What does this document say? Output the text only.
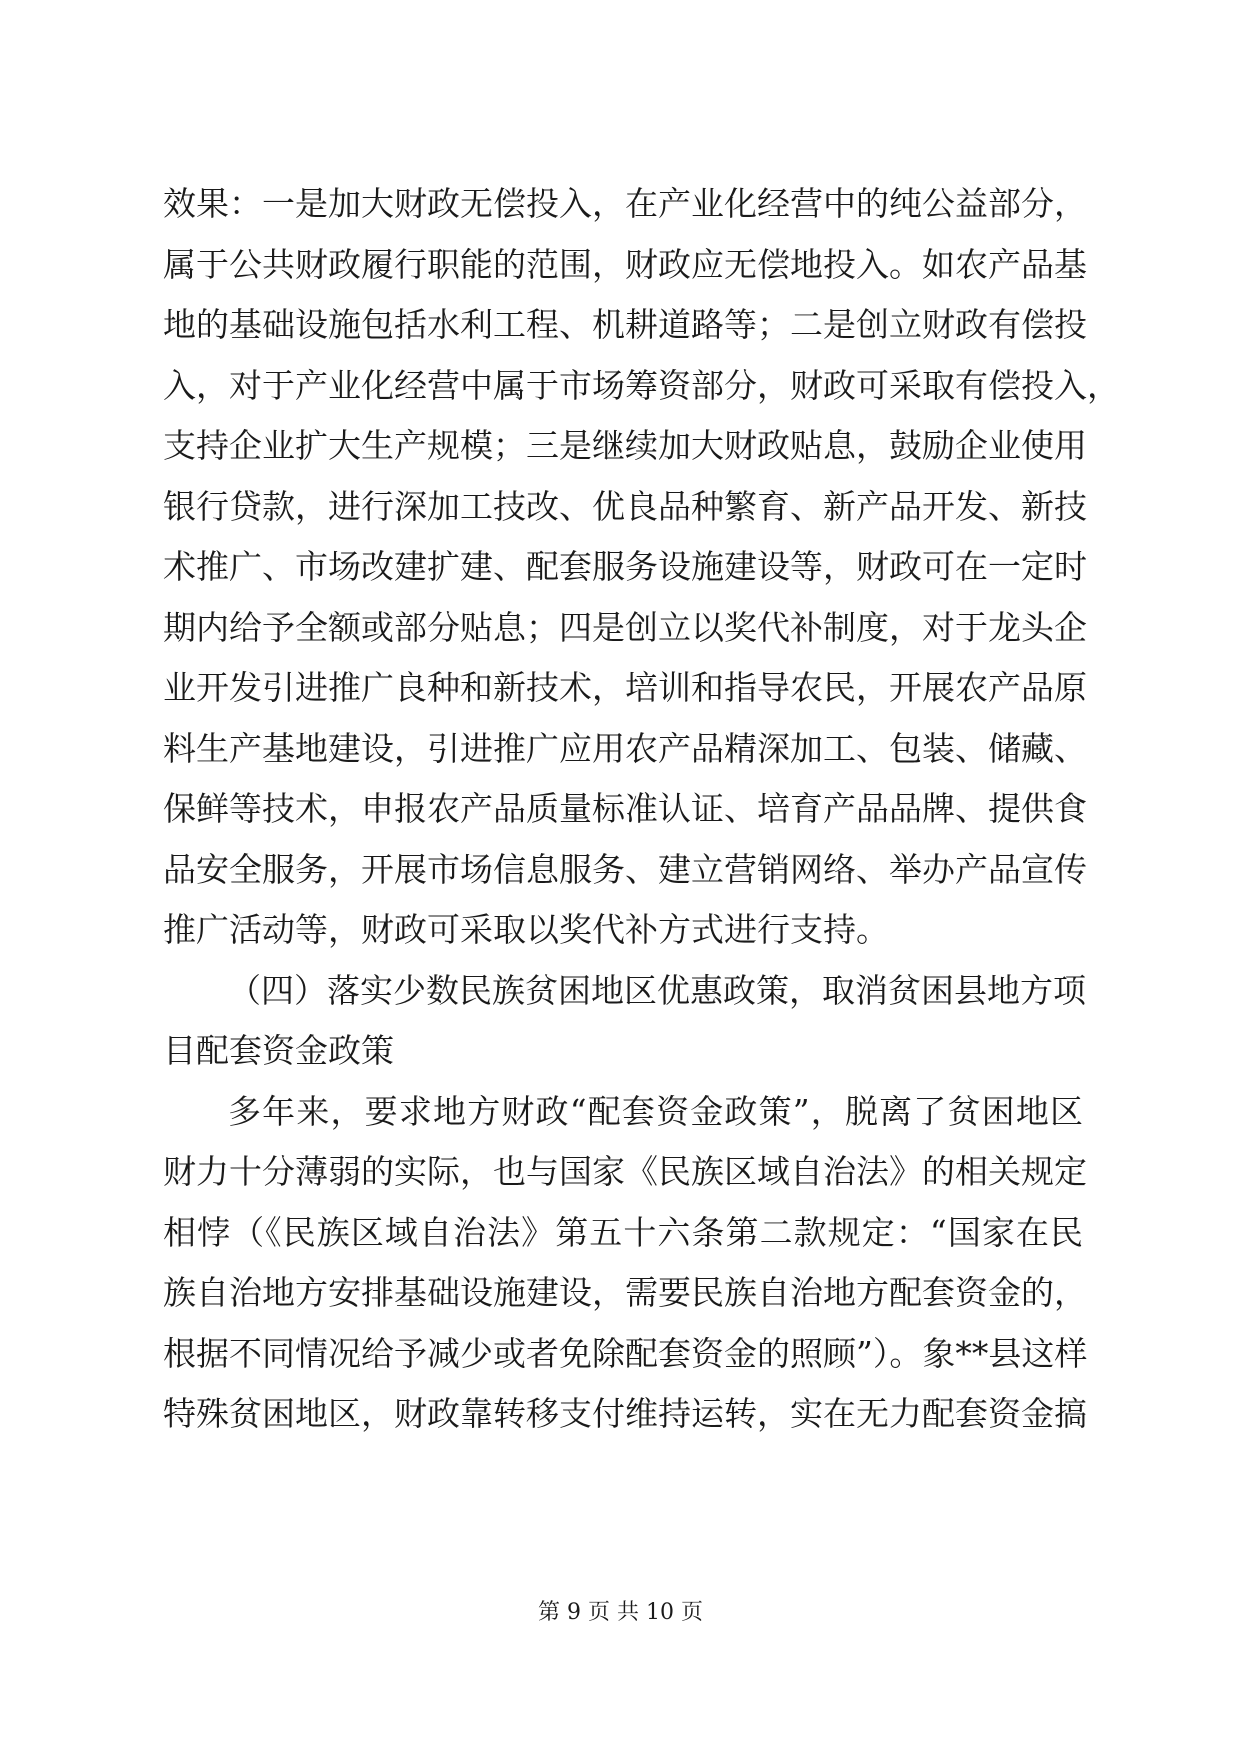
效果：一是加大财政无偿投入，在产业化经营中的纯公益部分，
属于公共财政履行职能的范围，财政应无偿地投入。如农产品基
地的基础设施包括水利工程、机耕道路等；二是创立财政有偿投
入，对于产业化经营中属于市场筹资部分，财政可采取有偿投入，
支持企业扩大生产规模；三是继续加大财政贴息，鼓励企业使用
银行贷款，进行深加工技改、优良品种繁育、新产品开发、新技
术推广、市场改建扩建、配套服务设施建设等，财政可在一定时
期内给予全额或部分贴息；四是创立以奖代补制度，对于龙头企
业开发引进推广良种和新技术，培训和指导农民，开展农产品原
料生产基地建设，引进推广应用农产品精深加工、包装、储藏、
保鲜等技术，申报农产品质量标准认证、培育产品品牌、提供食
品安全服务，开展市场信息服务、建立营销网络、举办产品宣传
推广活动等，财政可采取以奖代补方式进行支持。
（四）落实少数民族贫困地区优惠政策，取消贫困县地方项
目配套资金政策
多年来，要求地方财政“配套资金政策”，脱离了贫困地区
财力十分薄弱的实际，也与国家《民族区域自治法》的相关规定
相悖（《民族区域自治法》第五十六条第二款规定：“国家在民
族自治地方安排基础设施建设，需要民族自治地方配套资金的，
根据不同情况给予减少或者免除配套资金的照顾”）。象**县这样
特殊贫困地区，财政靠转移支付维持运转，实在无力配套资金搞
第 9 页 共 10 页
